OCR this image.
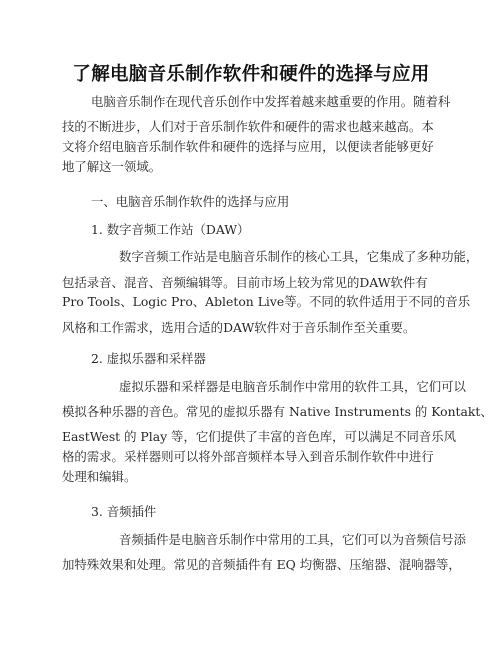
了解电脑音乐制作软件和硬件的选择与应用
电脑音乐制作在现代音乐创作中发挥着越来越重要的作用。随着科
技的不断进步，人们对于音乐制作软件和硬件的需求也越来越高。本
文将介绍电脑音乐制作软件和硬件的选择与应用，以便读者能够更好
地了解这一领域。
一、电脑音乐制作软件的选择与应用
1. 数字音频工作站（DAW）
数字音频工作站是电脑音乐制作的核心工具，它集成了多种功能，
包括录音、混音、音频编辑等。目前市场上较为常见的DAW软件有
Pro Tools、Logic Pro、Ableton Live等。不同的软件适用于不同的音乐
风格和工作需求，选用合适的DAW软件对于音乐制作至关重要。
2. 虚拟乐器和采样器
虚拟乐器和采样器是电脑音乐制作中常用的软件工具，它们可以
模拟各种乐器的音色。常见的虚拟乐器有 Native Instruments 的 Kontakt、
EastWest 的 Play 等，它们提供了丰富的音色库，可以满足不同音乐风
格的需求。采样器则可以将外部音频样本导入到音乐制作软件中进行
处理和编辑。
3. 音频插件
音频插件是电脑音乐制作中常用的工具，它们可以为音频信号添
加特殊效果和处理。常见的音频插件有 EQ 均衡器、压缩器、混响器等，
